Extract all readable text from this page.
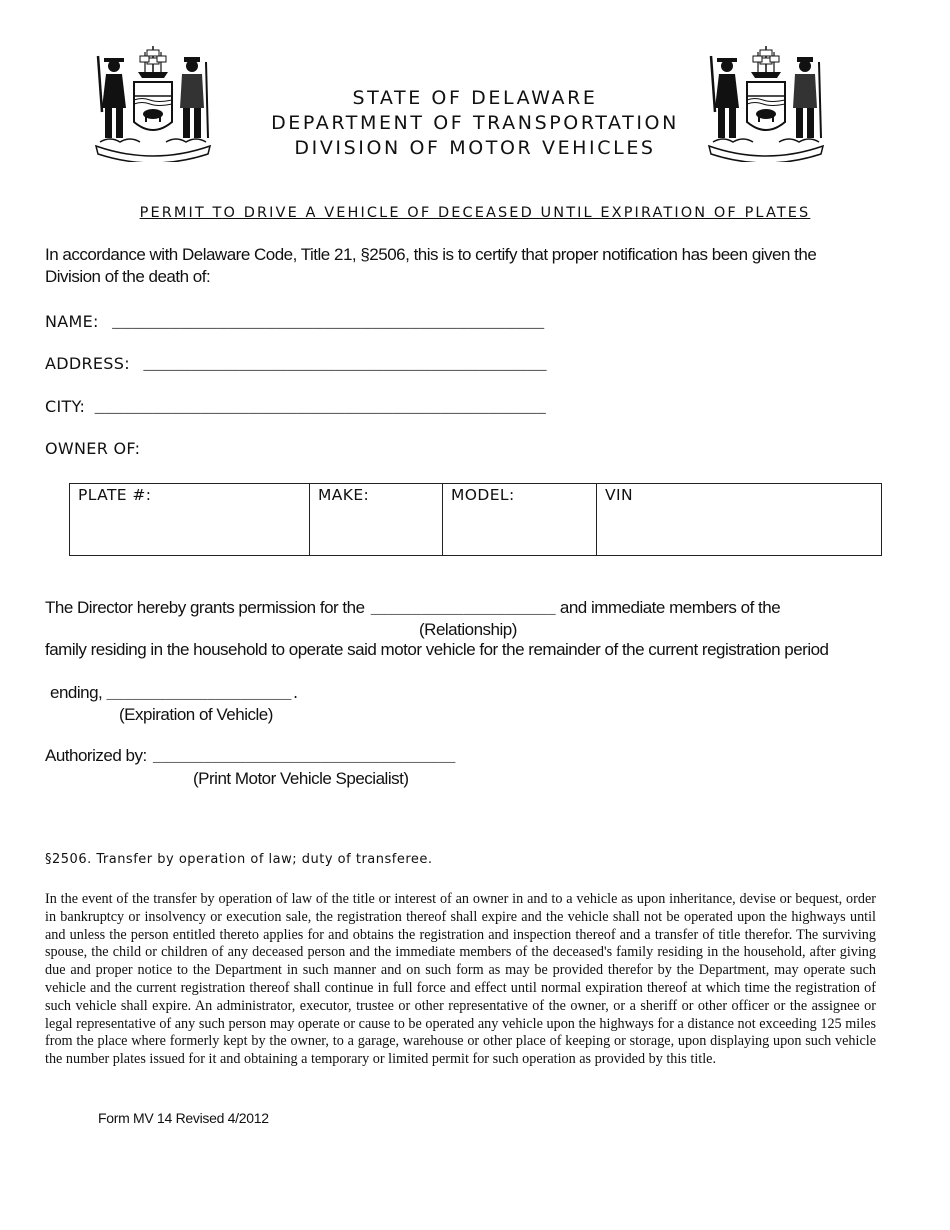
STATE OF DELAWARE
DEPARTMENT OF TRANSPORTATION
DIVISION OF MOTOR VEHICLES
PERMIT TO DRIVE A VEHICLE OF DECEASED UNTIL EXPIRATION OF PLATES
In accordance with Delaware Code, Title 21, §2506, this is to certify that proper notification has been given the
Division of the death of:
NAME: _____________________________________________
ADDRESS: __________________________________________
CITY: _______________________________________________
OWNER OF:
PLATE #:	MAKE:	MODEL:	VIN
The Director hereby grants permission for the ______________________ and immediate members of the
(Relationship)
family residing in the household to operate said motor vehicle for the remainder of the current registration period
ending, ______________________.
(Expiration of Vehicle)
Authorized by: ____________________________________
(Print Motor Vehicle Specialist)
§2506. Transfer by operation of law; duty of transferee.
In the event of the transfer by operation of law of the title or interest of an owner in and to a vehicle as upon inheritance, devise or bequest, order in bankruptcy or insolvency or execution sale, the registration thereof shall expire and the vehicle shall not be operated upon the highways until and unless the person entitled thereto applies for and obtains the registration and inspection thereof and a transfer of title therefor. The surviving spouse, the child or children of any deceased person and the immediate members of the deceased's family residing in the household, after giving due and proper notice to the Department in such manner and on such form as may be provided therefor by the Department, may operate such vehicle and the current registration thereof shall continue in full force and effect until normal expiration thereof at which time the registration of such vehicle shall expire. An administrator, executor, trustee or other representative of the owner, or a sheriff or other officer or the assignee or legal representative of any such person may operate or cause to be operated any vehicle upon the highways for a distance not exceeding 125 miles from the place where formerly kept by the owner, to a garage, warehouse or other place of keeping or storage, upon displaying upon such vehicle the number plates issued for it and obtaining a temporary or limited permit for such operation as provided by this title.
Form MV 14 Revised 4/2012
